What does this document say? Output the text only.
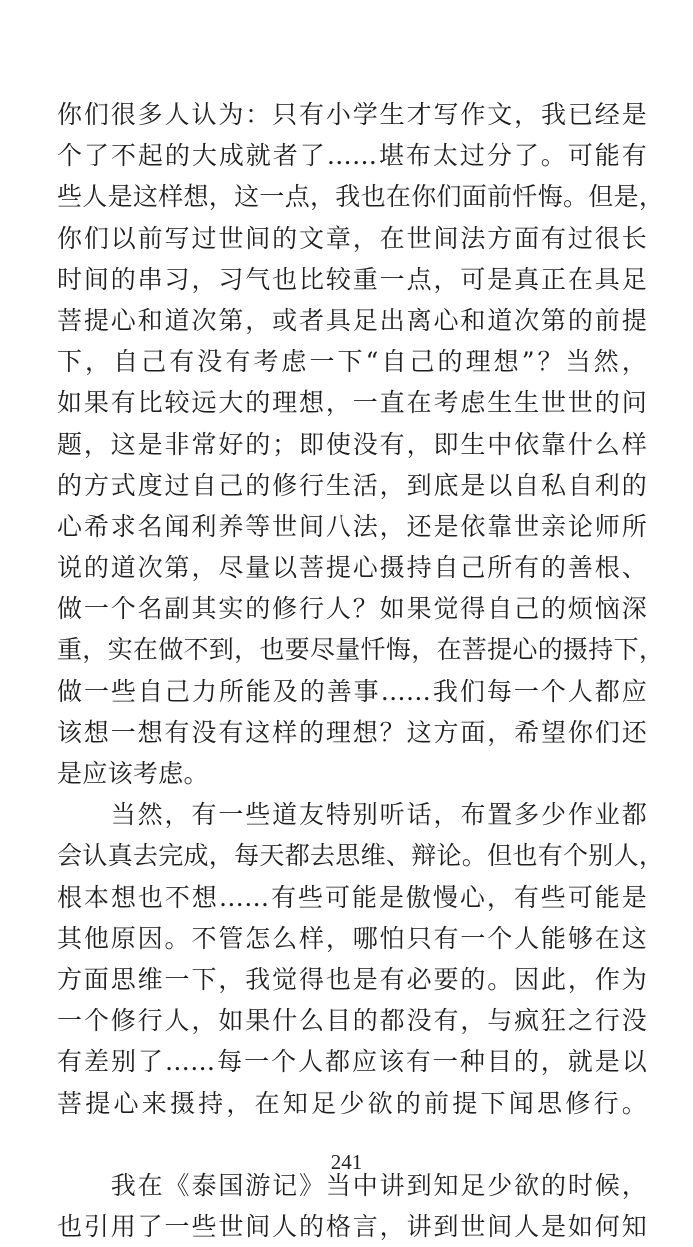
你们很多人认为：只有小学生才写作文，我已经是
个了不起的大成就者了……堪布太过分了。可能有
些人是这样想，这一点，我也在你们面前忏悔。但是，
你们以前写过世间的文章，在世间法方面有过很长
时间的串习，习气也比较重一点，可是真正在具足
菩提心和道次第，或者具足出离心和道次第的前提
下，自己有没有考虑一下“自己的理想”？当然，
如果有比较远大的理想，一直在考虑生生世世的问
题，这是非常好的；即使没有，即生中依靠什么样
的方式度过自己的修行生活，到底是以自私自利的
心希求名闻利养等世间八法，还是依靠世亲论师所
说的道次第，尽量以菩提心摄持自己所有的善根、
做一个名副其实的修行人？如果觉得自己的烦恼深
重，实在做不到，也要尽量忏悔，在菩提心的摄持下，
做一些自己力所能及的善事……我们每一个人都应
该想一想有没有这样的理想？这方面，希望你们还
是应该考虑。
　　当然，有一些道友特别听话，布置多少作业都
会认真去完成，每天都去思维、辩论。但也有个别人，
根本想也不想……有些可能是傲慢心，有些可能是
其他原因。不管怎么样，哪怕只有一个人能够在这
方面思维一下，我觉得也是有必要的。因此，作为
一个修行人，如果什么目的都没有，与疯狂之行没
有差别了……每一个人都应该有一种目的，就是以
菩提心来摄持，在知足少欲的前提下闻思修行。
　　我在《泰国游记》当中讲到知足少欲的时候，
也引用了一些世间人的格言，讲到世间人是如何知
241
